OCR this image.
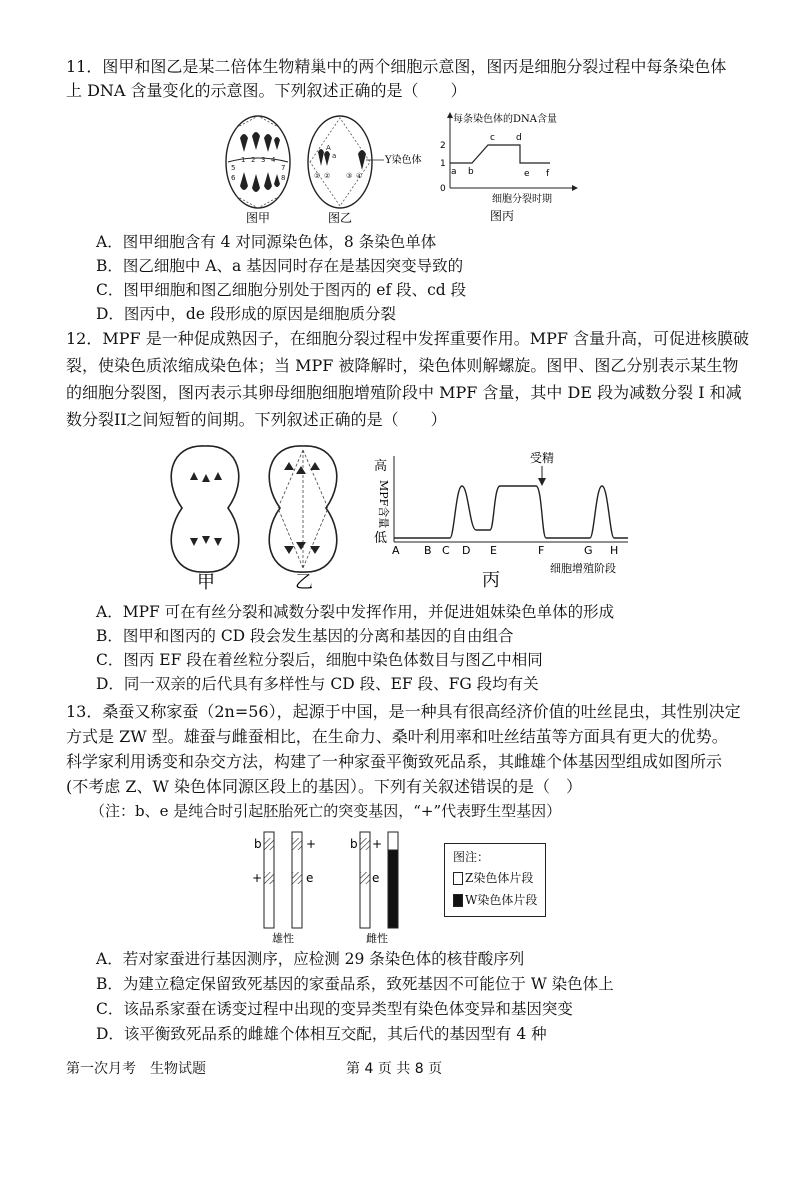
11．图甲和图乙是某二倍体生物精巢中的两个细胞示意图，图丙是细胞分裂过程中每条染色体
上 DNA 含量变化的示意图。下列叙述正确的是（　　）
1 2 3 4
5
6
7
8
图甲
A
a
① ② ③ ④
Y染色体
图乙
每条染色体的DNA含量
2
1
0
a b
c d
e f
细胞分裂时期
图丙
A．图甲细胞含有 4 对同源染色体，8 条染色单体
B．图乙细胞中 A、a 基因同时存在是基因突变导致的
C．图甲细胞和图乙细胞分别处于图丙的 ef 段、cd 段
D．图丙中，de 段形成的原因是细胞质分裂
12．MPF 是一种促成熟因子，在细胞分裂过程中发挥重要作用。MPF 含量升高，可促进核膜破
裂，使染色质浓缩成染色体；当 MPF 被降解时，染色体则解螺旋。图甲、图乙分别表示某生物
的细胞分裂图，图丙表示其卵母细胞细胞增殖阶段中 MPF 含量，其中 DE 段为减数分裂 I 和减
数分裂II之间短暂的间期。下列叙述正确的是（　　）
甲	乙
高
低
MPF含量
受精
A B C D E	F	G H
细胞增殖阶段
丙
A．MPF 可在有丝分裂和减数分裂中发挥作用，并促进姐妹染色单体的形成
B．图甲和图丙的 CD 段会发生基因的分离和基因的自由组合
C．图丙 EF 段在着丝粒分裂后，细胞中染色体数目与图乙中相同
D．同一双亲的后代具有多样性与 CD 段、EF 段、FG 段均有关
13．桑蚕又称家蚕（2n=56），起源于中国，是一种具有很高经济价值的吐丝昆虫，其性别决定
方式是 ZW 型。雄蚕与雌蚕相比，在生命力、桑叶利用率和吐丝结茧等方面具有更大的优势。
科学家利用诱变和杂交方法，构建了一种家蚕平衡致死品系，其雌雄个体基因型组成如图所示
(不考虑 Z、W 染色体同源区段上的基因）。下列有关叙述错误的是（　）
（注：b、e 是纯合时引起胚胎死亡的突变基因，“+”代表野生型基因）
b	+
+	e
雄性
b +
e
雌性
图注：
Z染色体片段
W染色体片段
A．若对家蚕进行基因测序，应检测 29 条染色体的核苷酸序列
B．为建立稳定保留致死基因的家蚕品系，致死基因不可能位于 W 染色体上
C．该品系家蚕在诱变过程中出现的变异类型有染色体变异和基因突变
D．该平衡致死品系的雌雄个体相互交配，其后代的基因型有 4 种
第一次月考　生物试题	第 4 页 共 8 页
